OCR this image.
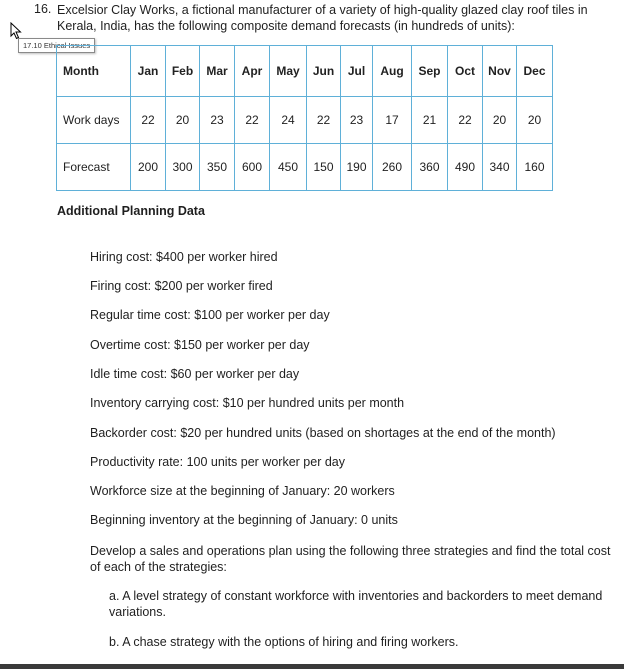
16. Excelsior Clay Works, a fictional manufacturer of a variety of high-quality glazed clay roof tiles in Kerala, India, has the following composite demand forecasts (in hundreds of units):
17.10 Ethical Issues
Month	Jan	Feb	Mar	Apr	May	Jun	Jul	Aug	Sep	Oct	Nov	Dec
Work days	22	20	23	22	24	22	23	17	21	22	20	20
Forecast	200	300	350	600	450	150	190	260	360	490	340	160
Additional Planning Data
Hiring cost: $400 per worker hired
Firing cost: $200 per worker fired
Regular time cost: $100 per worker per day
Overtime cost: $150 per worker per day
Idle time cost: $60 per worker per day
Inventory carrying cost: $10 per hundred units per month
Backorder cost: $20 per hundred units (based on shortages at the end of the month)
Productivity rate: 100 units per worker per day
Workforce size at the beginning of January: 20 workers
Beginning inventory at the beginning of January: 0 units
Develop a sales and operations plan using the following three strategies and find the total cost of each of the strategies:
a. A level strategy of constant workforce with inventories and backorders to meet demand variations.
b. A chase strategy with the options of hiring and firing workers.
